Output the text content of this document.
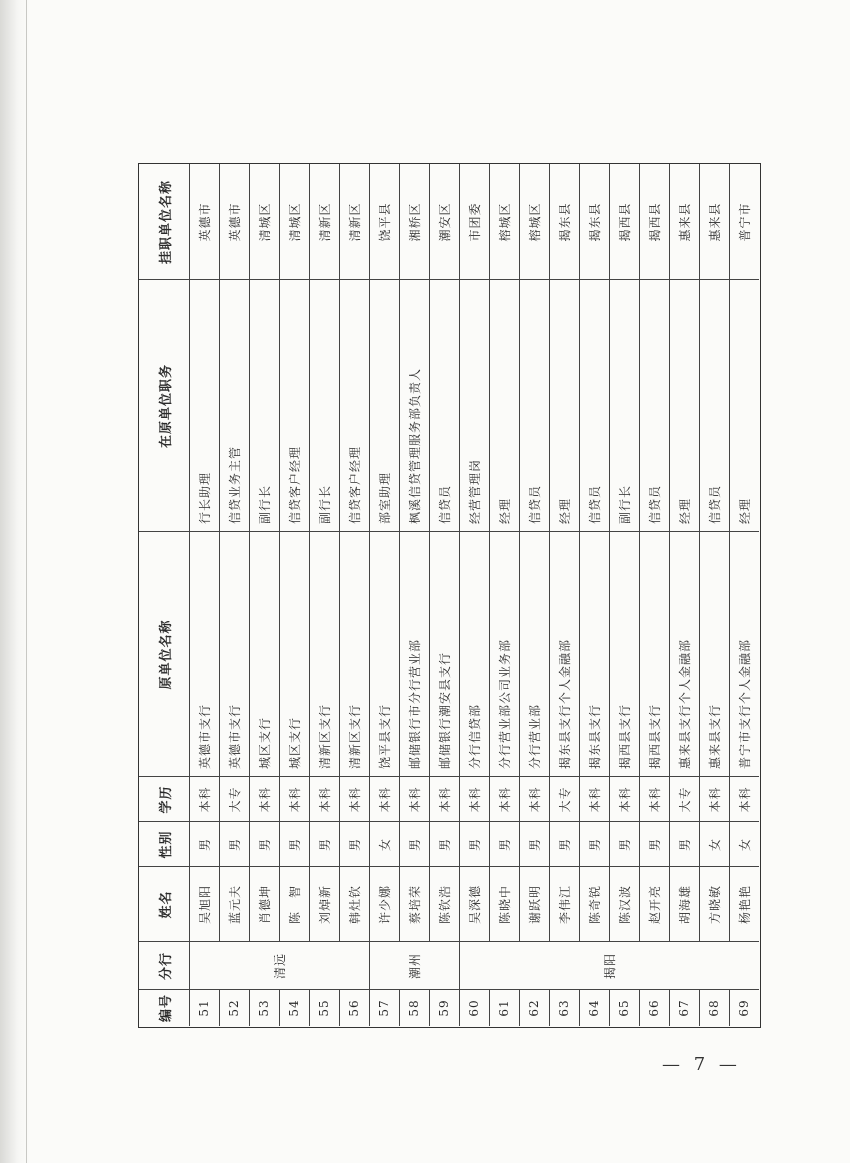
编号
分行
姓名
性别
学历
原单位名称
在原单位职务
挂职单位名称
51
吴旭阳
男
本科
英德市支行
行长助理
英德市
52
蓝元夫
男
大专
英德市支行
信贷业务主管
英德市
53
肖德坤
男
本科
城区支行
副行长
清城区
54
陈　智
男
本科
城区支行
信贷客户经理
清城区
55
刘焯新
男
本科
清新区支行
副行长
清新区
56
韩灶钦
男
本科
清新区支行
信贷客户经理
清新区
57
许少娜
女
本科
饶平县支行
部室助理
饶平县
58
蔡培荣
男
本科
邮储银行市分行营业部
枫溪信贷管理服务部负责人
湘桥区
59
陈钦浩
男
本科
邮储银行潮安县支行
信贷员
潮安区
60
吴深德
男
本科
分行信贷部
经营管理岗
市团委
61
陈晓中
男
本科
分行营业部公司业务部
经理
榕城区
62
谢跃明
男
本科
分行营业部
信贷员
榕城区
63
李伟江
男
大专
揭东县支行个人金融部
经理
揭东县
64
陈奇锐
男
本科
揭东县支行
信贷员
揭东县
65
陈汉波
男
本科
揭西县支行
副行长
揭西县
66
赵开亮
男
本科
揭西县支行
信贷员
揭西县
67
胡海雄
男
大专
惠来县支行个人金融部
经理
惠来县
68
方晓敏
女
本科
惠来县支行
信贷员
惠来县
69
杨艳艳
女
本科
普宁市支行个人金融部
经理
普宁市
清远	潮州	揭阳
— 7 —
